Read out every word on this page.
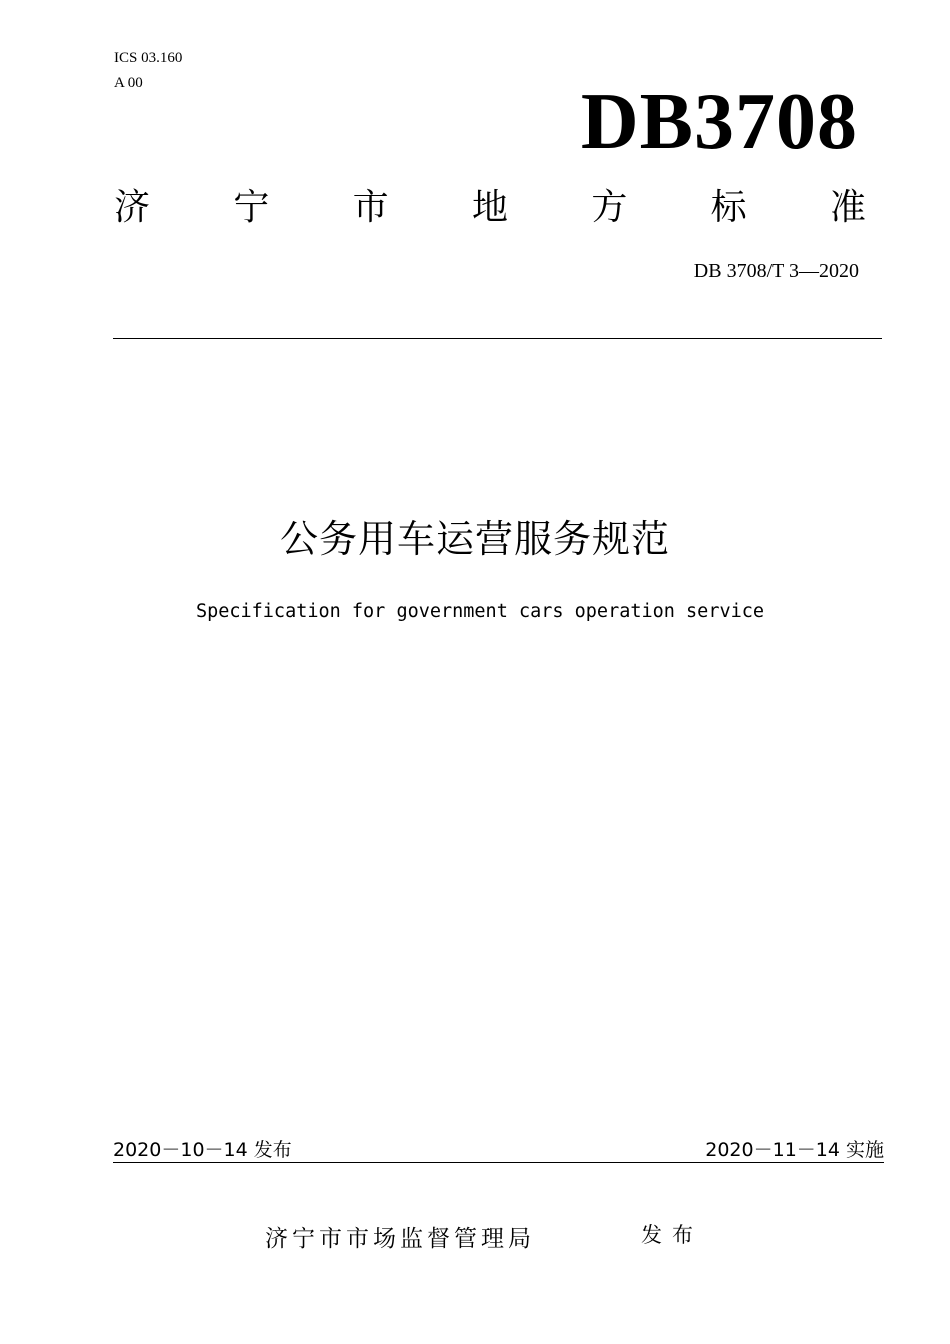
ICS 03.160
A 00	DB3708
济 宁 市 地 方 标 准
DB 3708/T 3—2020
公务用车运营服务规范
Specification for government cars operation service
2020－10－14 发布	2020－11－14 实施
济宁市市场监督管理局	发布
